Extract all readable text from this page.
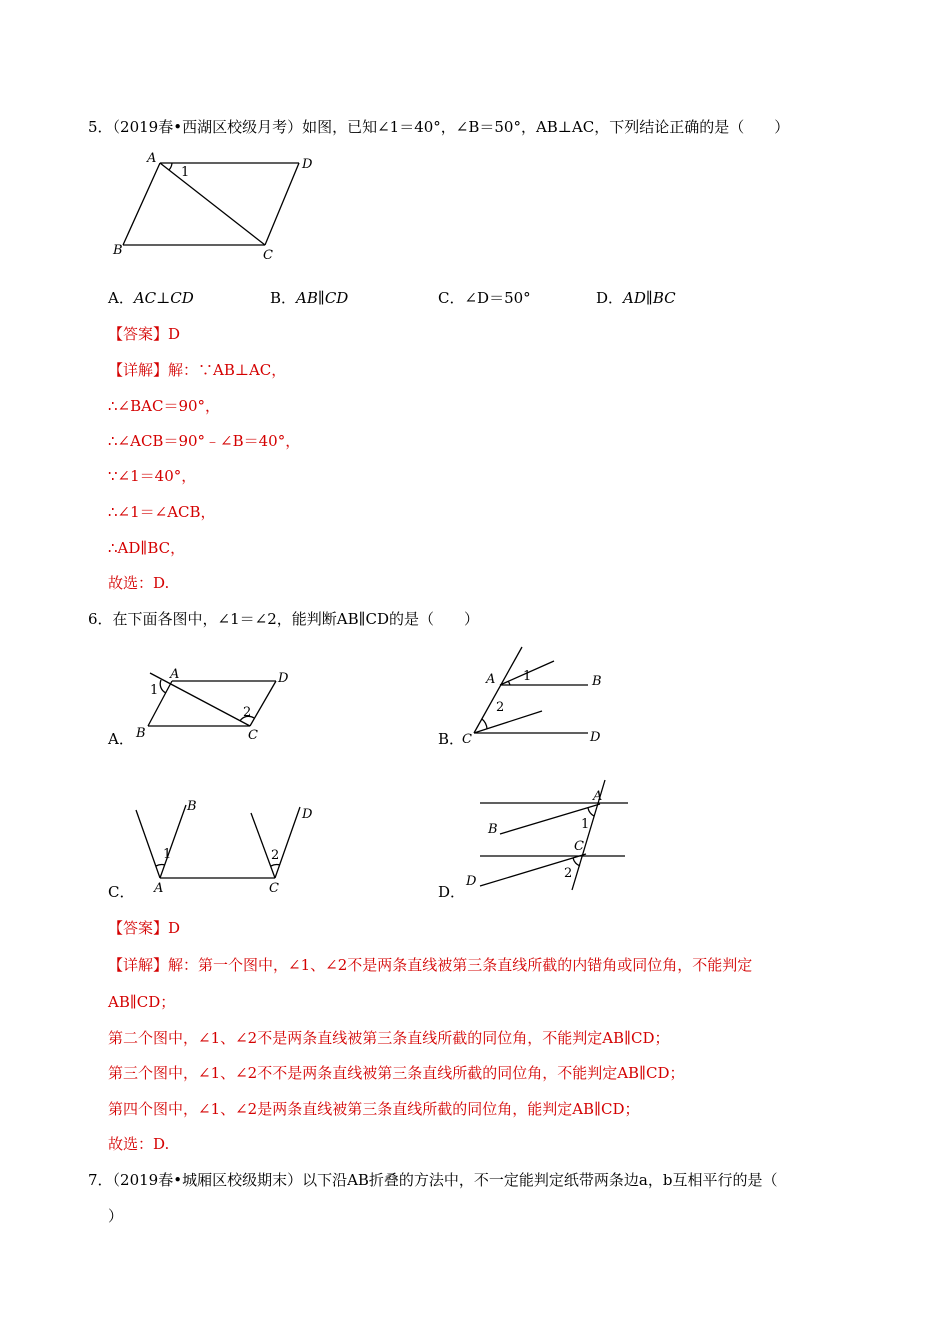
5．（2019春•西湖区校级月考）如图，已知∠1＝40°，∠B＝50°，AB⊥AC，下列结论正确的是（　　）
A	D
B	C
1
A．AC⊥CD	B．AB∥CD	C．∠D＝50°	D．AD∥BC
【答案】D
【详解】解：∵AB⊥AC，
∴∠BAC＝90°，
∴∠ACB＝90°﹣∠B＝40°，
∵∠1＝40°，
∴∠1＝∠ACB，
∴AD∥BC，
故选：D.
6．在下面各图中，∠1＝∠2，能判断AB∥CD的是（　　）
A．
A
B	C
D
1
2
B．
A	B
C	D
1
2
C． A
B
C
D
1	2
D．
A
B
C
D
1
2
【答案】D
【详解】解：第一个图中，∠1、∠2不是两条直线被第三条直线所截的内错角或同位角，不能判定
AB∥CD；
第二个图中，∠1、∠2不是两条直线被第三条直线所截的同位角，不能判定AB∥CD；
第三个图中，∠1、∠2不不是两条直线被第三条直线所截的同位角，不能判定AB∥CD；
第四个图中，∠1、∠2是两条直线被第三条直线所截的同位角，能判定AB∥CD；
故选：D.
7．（2019春•城厢区校级期末）以下沿AB折叠的方法中，不一定能判定纸带两条边a，b互相平行的是（
）
